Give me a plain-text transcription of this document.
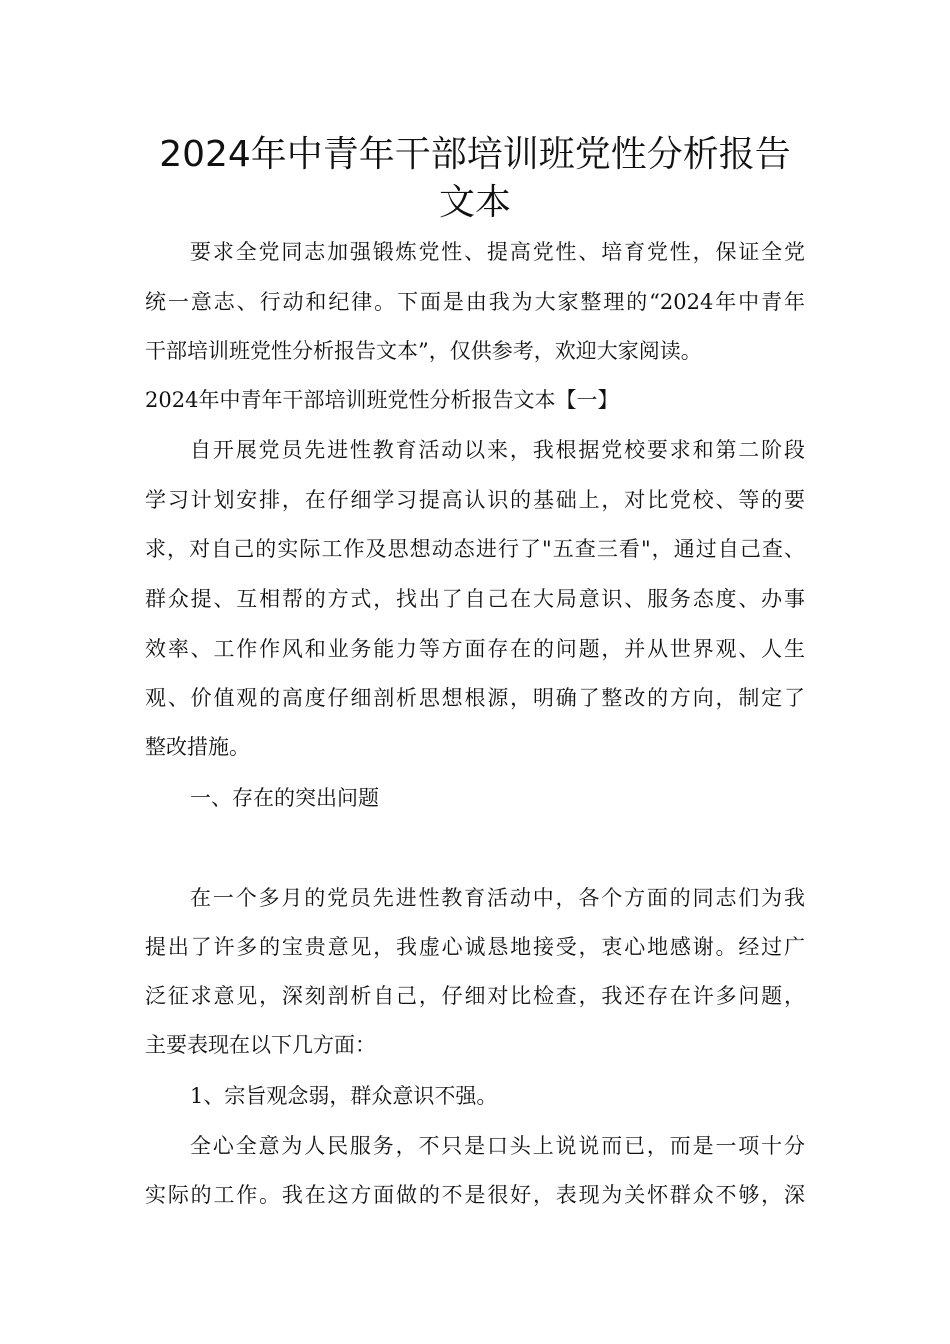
2024年中青年干部培训班党性分析报告
文本
要求全党同志加强锻炼党性、提高党性、培育党性，保证全党
统一意志、行动和纪律。下面是由我为大家整理的“2024年中青年
干部培训班党性分析报告文本”，仅供参考，欢迎大家阅读。
2024年中青年干部培训班党性分析报告文本【一】
自开展党员先进性教育活动以来，我根据党校要求和第二阶段
学习计划安排，在仔细学习提高认识的基础上，对比党校、等的要
求，对自己的实际工作及思想动态进行了"五查三看"，通过自己查、
群众提、互相帮的方式，找出了自己在大局意识、服务态度、办事
效率、工作作风和业务能力等方面存在的问题，并从世界观、人生
观、价值观的高度仔细剖析思想根源，明确了整改的方向，制定了
整改措施。
一、存在的突出问题
在一个多月的党员先进性教育活动中，各个方面的同志们为我
提出了许多的宝贵意见，我虚心诚恳地接受，衷心地感谢。经过广
泛征求意见，深刻剖析自己，仔细对比检查，我还存在许多问题，
主要表现在以下几方面：
1、宗旨观念弱，群众意识不强。
全心全意为人民服务，不只是口头上说说而已，而是一项十分
实际的工作。我在这方面做的不是很好，表现为关怀群众不够，深
